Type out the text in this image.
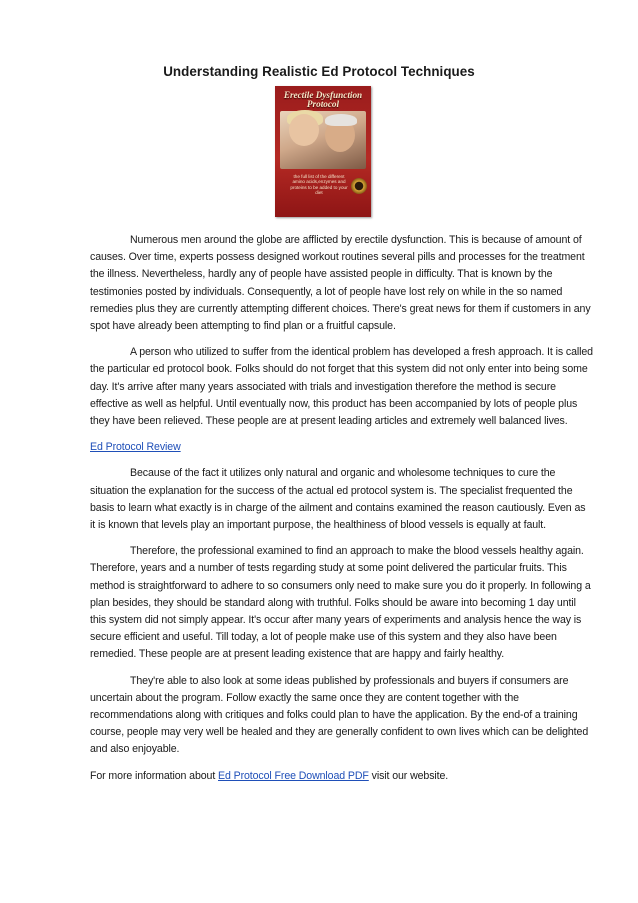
Understanding Realistic Ed Protocol Techniques
Erectile Dysfunction
Protocol
the full list of the different amino acids,enzymes and proteins to be added to your diet

Numerous men around the globe are afflicted by erectile dysfunction. This is because of amount of causes. Over time, experts possess designed workout routines several pills and processes for the treatment the illness. Nevertheless, hardly any of people have assisted people in difficulty. That is known by the testimonies posted by individuals. Consequently, a lot of people have lost rely on while in the so named remedies plus they are currently attempting different choices. There's great news for them if customers in any spot have already been attempting to find plan or a fruitful capsule.

A person who utilized to suffer from the identical problem has developed a fresh approach. It is called the particular ed protocol book. Folks should do not forget that this system did not only enter into being some day. It's arrive after many years associated with trials and investigation therefore the method is secure effective as well as helpful. Until eventually now, this product has been accompanied by lots of people plus they have been relieved. These people are at present leading articles and extremely well balanced lives.

Ed Protocol Review

Because of the fact it utilizes only natural and organic and wholesome techniques to cure the situation the explanation for the success of the actual ed protocol system is. The specialist frequented the basis to learn what exactly is in charge of the ailment and contains examined the reason cautiously. Even as it is known that levels play an important purpose, the healthiness of blood vessels is equally at fault.

Therefore, the professional examined to find an approach to make the blood vessels healthy again. Therefore, years and a number of tests regarding study at some point delivered the particular fruits. This method is straightforward to adhere to so consumers only need to make sure you do it properly. In following a plan besides, they should be standard along with truthful. Folks should be aware into becoming 1 day until this system did not simply appear. It's occur after many years of experiments and analysis hence the way is secure efficient and useful. Till today, a lot of people make use of this system and they also have been remedied. These people are at present leading existence that are happy and fairly healthy.

They're able to also look at some ideas published by professionals and buyers if consumers are uncertain about the program. Follow exactly the same once they are content together with the recommendations along with critiques and folks could plan to have the application. By the end-of a training course, people may very well be healed and they are generally confident to own lives which can be delighted and also enjoyable.

For more information about Ed Protocol Free Download PDF visit our website.
